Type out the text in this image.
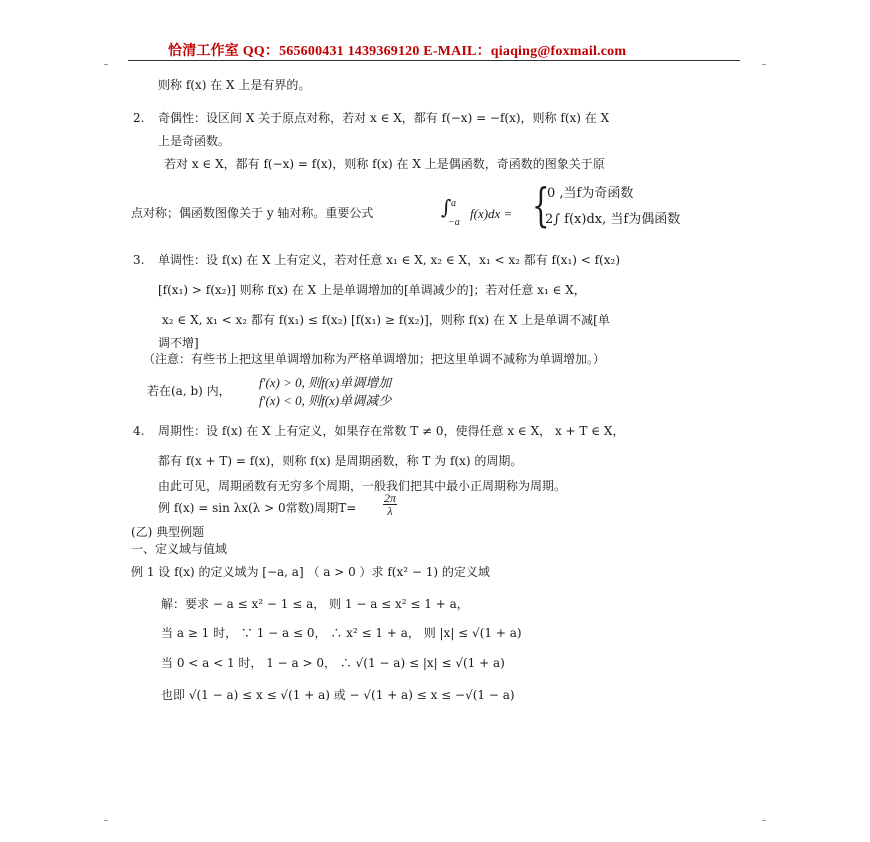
恰清工作室 QQ：565600431 1439369120 E-MAIL：qiaqing@foxmail.com
则称 f(x) 在 X 上是有界的。
2. 奇偶性：设区间 X 关于原点对称，若对 x ∈ X，都有 f(−x) = −f(x)，则称 f(x) 在 X
上是奇函数。
若对 x ∈ X，都有 f(−x) = f(x)，则称 f(x) 在 X 上是偶函数，奇函数的图象关于原
点对称；偶函数图像关于 y 轴对称。重要公式	∫ a
−a
f(x)dx = {
0 ,当f为奇函数
2∫ f(x)dx, 当f为偶函数
3. 单调性：设 f(x) 在 X 上有定义，若对任意 x₁ ∈ X, x₂ ∈ X，x₁ < x₂ 都有 f(x₁) < f(x₂)
[f(x₁) > f(x₂)] 则称 f(x) 在 X 上是单调增加的[单调减少的]；若对任意 x₁ ∈ X，
x₂ ∈ X, x₁ < x₂ 都有 f(x₁) ≤ f(x₂) [f(x₁) ≥ f(x₂)]，则称 f(x) 在 X 上是单调不减[单
调不增]
（注意：有些书上把这里单调增加称为严格单调增加；把这里单调不减称为单调增加。）
若在(a, b) 内，
f′(x) > 0, 则f(x)单调增加
f′(x) < 0, 则f(x)单调减少
4. 周期性：设 f(x) 在 X 上有定义，如果存在常数 T ≠ 0，使得任意 x ∈ X， x + T ∈ X，
都有 f(x + T) = f(x)，则称 f(x) 是周期函数，称 T 为 f(x) 的周期。
由此可见，周期函数有无穷多个周期，一般我们把其中最小正周期称为周期。
例 f(x) = sin λx(λ > 0常数)周期$T= \frac{2\pi}{\lambda}$
(乙) 典型例题
一、定义域与值域
例 1 设 f(x) 的定义域为 [−a, a] （ a > 0 ）求 f(x² − 1) 的定义域
解：要求 − a ≤ x² − 1 ≤ a， 则 1 − a ≤ x² ≤ 1 + a，
当 a ≥ 1 时， ∵ 1 − a ≤ 0， ∴ x² ≤ 1 + a， 则 |x| ≤ √(1 + a)
当 0 < a < 1 时， 1 − a > 0， ∴ √(1 − a) ≤ |x| ≤ √(1 + a)
也即 √(1 − a) ≤ x ≤ √(1 + a) 或 − √(1 + a) ≤ x ≤ −√(1 − a)
